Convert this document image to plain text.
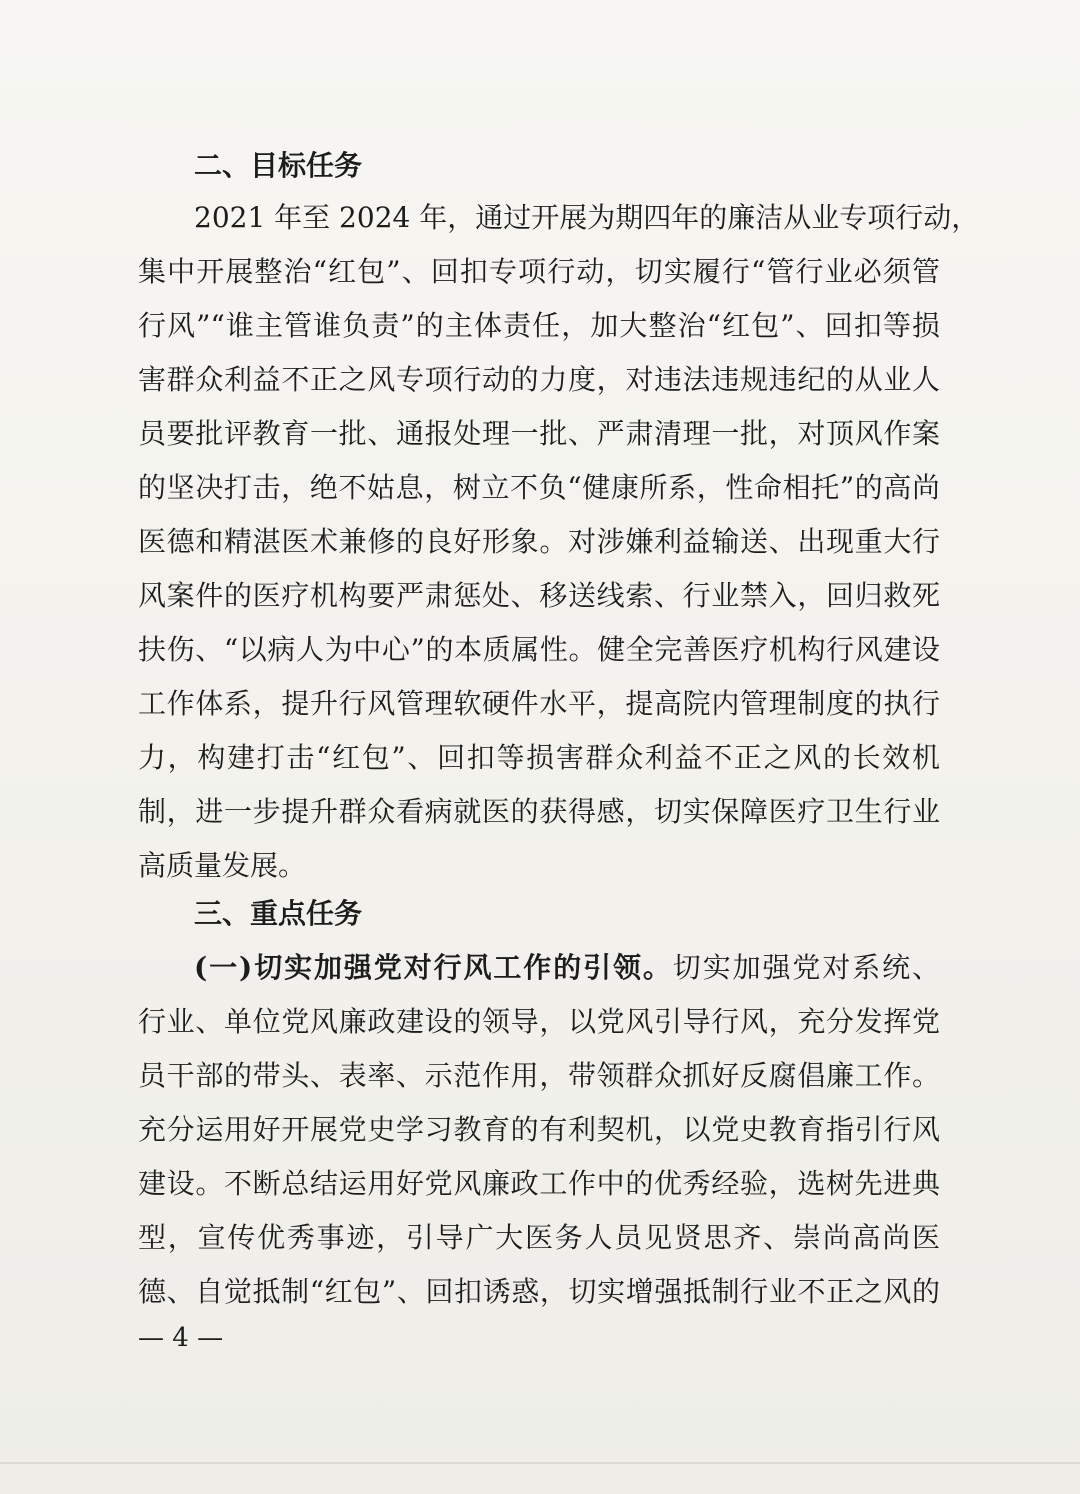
二、目标任务
2021 年至 2024 年，通过开展为期四年的廉洁从业专项行动，
集中开展整治“红包”、回扣专项行动，切实履行“管行业必须管
行风”“谁主管谁负责”的主体责任，加大整治“红包”、回扣等损
害群众利益不正之风专项行动的力度，对违法违规违纪的从业人
员要批评教育一批、通报处理一批、严肃清理一批，对顶风作案
的坚决打击，绝不姑息，树立不负“健康所系，性命相托”的高尚
医德和精湛医术兼修的良好形象。对涉嫌利益输送、出现重大行
风案件的医疗机构要严肃惩处、移送线索、行业禁入，回归救死
扶伤、“以病人为中心”的本质属性。健全完善医疗机构行风建设
工作体系，提升行风管理软硬件水平，提高院内管理制度的执行
力，构建打击“红包”、回扣等损害群众利益不正之风的长效机
制，进一步提升群众看病就医的获得感，切实保障医疗卫生行业
高质量发展。
三、重点任务
(一)切实加强党对行风工作的引领。切实加强党对系统、
行业、单位党风廉政建设的领导，以党风引导行风，充分发挥党
员干部的带头、表率、示范作用，带领群众抓好反腐倡廉工作。
充分运用好开展党史学习教育的有利契机，以党史教育指引行风
建设。不断总结运用好党风廉政工作中的优秀经验，选树先进典
型，宣传优秀事迹，引导广大医务人员见贤思齐、崇尚高尚医
德、自觉抵制“红包”、回扣诱惑，切实增强抵制行业不正之风的
— 4 —
